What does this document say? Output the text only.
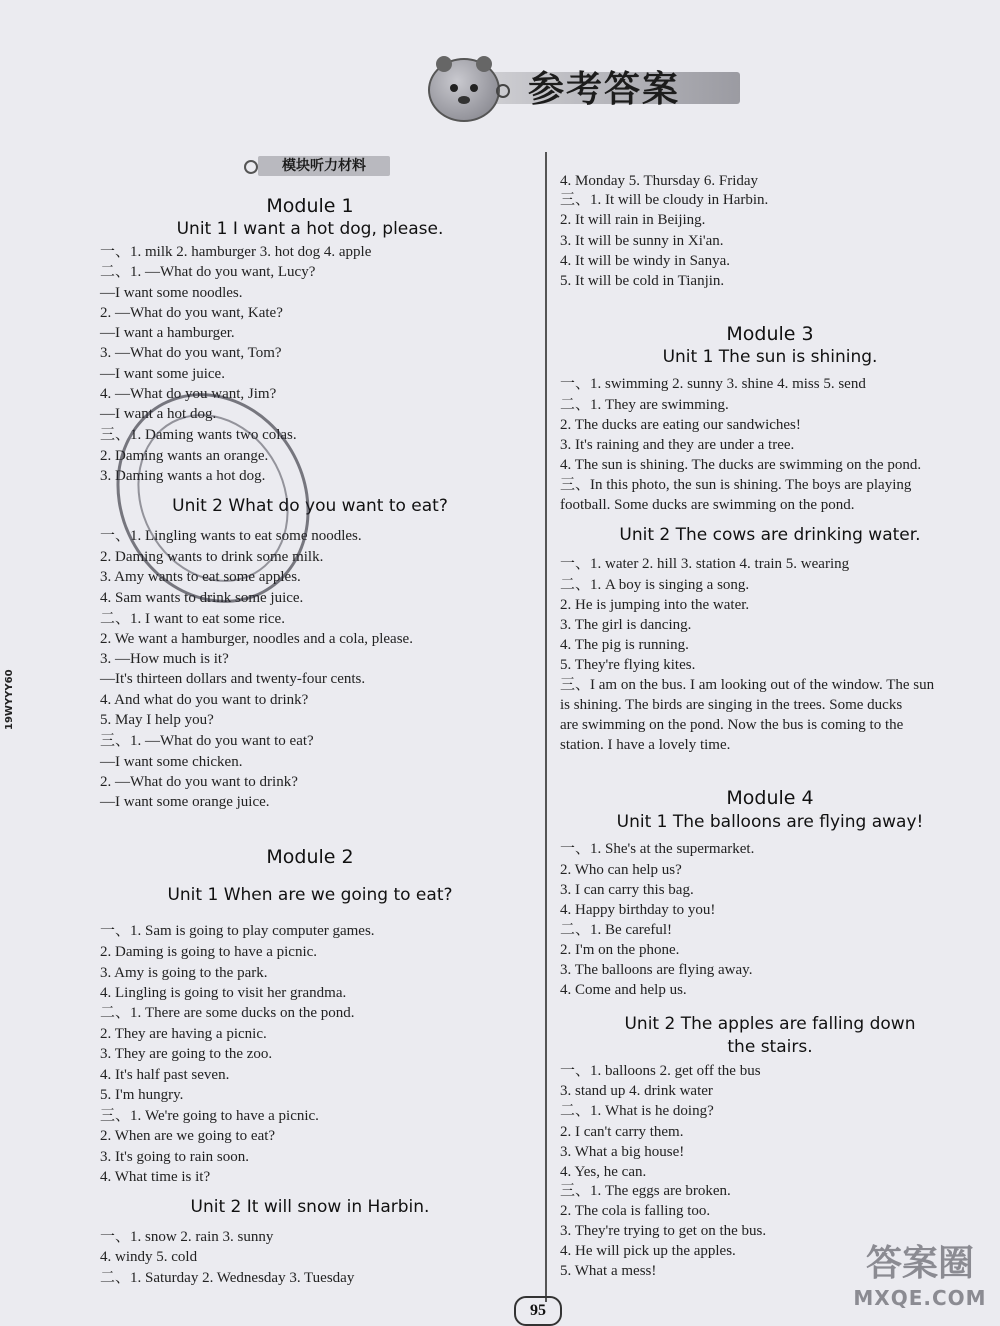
参考答案
模块听力材料
19WYYY60
Module 1
Unit 1 I want a hot dog, please.
一、1. milk 2. hamburger 3. hot dog 4. apple
二、1. —What do you want, Lucy?
—I want some noodles.
2. —What do you want, Kate?
—I want a hamburger.
3. —What do you want, Tom?
—I want some juice.
4. —What do you want, Jim?
—I want a hot dog.
三、1. Daming wants two colas.
2. Daming wants an orange.
3. Daming wants a hot dog.
Unit 2 What do you want to eat?
一、1. Lingling wants to eat some noodles.
2. Daming wants to drink some milk.
3. Amy wants to eat some apples.
4. Sam wants to drink some juice.
二、1. I want to eat some rice.
2. We want a hamburger, noodles and a cola, please.
3. —How much is it?
—It's thirteen dollars and twenty-four cents.
4. And what do you want to drink?
5. May I help you?
三、1. —What do you want to eat?
—I want some chicken.
2. —What do you want to drink?
—I want some orange juice.
Module 2
Unit 1 When are we going to eat?
一、1. Sam is going to play computer games.
2. Daming is going to have a picnic.
3. Amy is going to the park.
4. Lingling is going to visit her grandma.
二、1. There are some ducks on the pond.
2. They are having a picnic.
3. They are going to the zoo.
4. It's half past seven.
5. I'm hungry.
三、1. We're going to have a picnic.
2. When are we going to eat?
3. It's going to rain soon.
4. What time is it?
Unit 2 It will snow in Harbin.
一、1. snow 2. rain 3. sunny
4. windy 5. cold
二、1. Saturday 2. Wednesday 3. Tuesday
4. Monday 5. Thursday 6. Friday
三、1. It will be cloudy in Harbin.
2. It will rain in Beijing.
3. It will be sunny in Xi'an.
4. It will be windy in Sanya.
5. It will be cold in Tianjin.
Module 3
Unit 1 The sun is shining.
一、1. swimming 2. sunny 3. shine 4. miss 5. send
二、1. They are swimming.
2. The ducks are eating our sandwiches!
3. It's raining and they are under a tree.
4. The sun is shining. The ducks are swimming on the pond.
三、In this photo, the sun is shining. The boys are playing
football. Some ducks are swimming on the pond.
Unit 2 The cows are drinking water.
一、1. water 2. hill 3. station 4. train 5. wearing
二、1. A boy is singing a song.
2. He is jumping into the water.
3. The girl is dancing.
4. The pig is running.
5. They're flying kites.
三、I am on the bus. I am looking out of the window. The sun
is shining. The birds are singing in the trees. Some ducks
are swimming on the pond. Now the bus is coming to the
station. I have a lovely time.
Module 4
Unit 1 The balloons are flying away!
一、1. She's at the supermarket.
2. Who can help us?
3. I can carry this bag.
4. Happy birthday to you!
二、1. Be careful!
2. I'm on the phone.
3. The balloons are flying away.
4. Come and help us.
Unit 2 The apples are falling down
the stairs.
一、1. balloons 2. get off the bus
3. stand up 4. drink water
二、1. What is he doing?
2. I can't carry them.
3. What a big house!
4. Yes, he can.
三、1. The eggs are broken.
2. The cola is falling too.
3. They're trying to get on the bus.
4. He will pick up the apples.
5. What a mess!
95
答案圈
MXQE.COM
